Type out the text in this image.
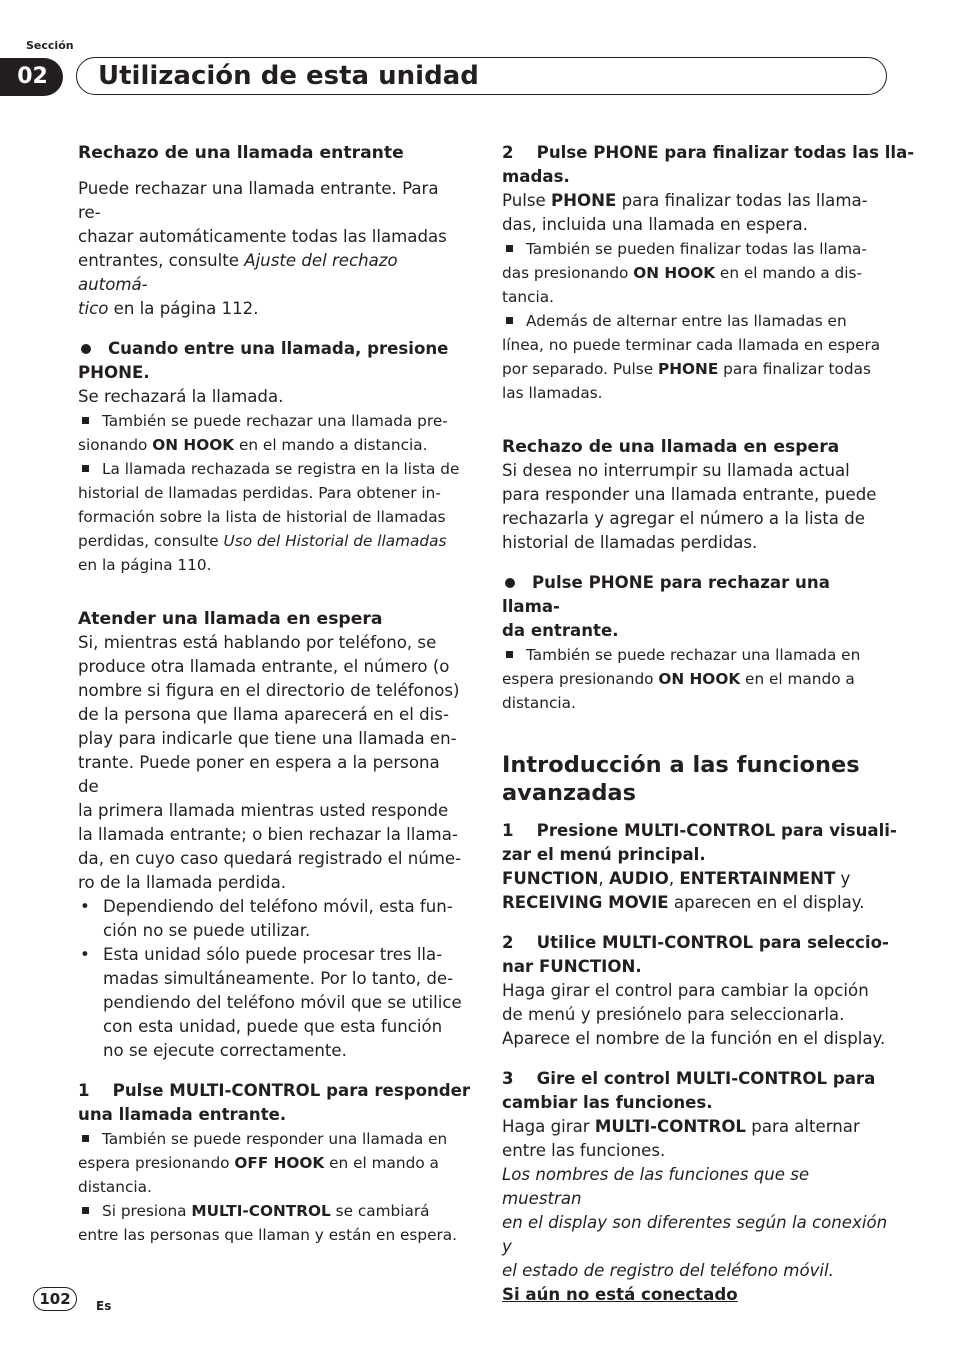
Sección
02	Utilización de esta unidad
Rechazo de una llamada entrante

Puede rechazar una llamada entrante. Para re-

chazar automáticamente todas las llamadas

entrantes, consulte Ajuste del rechazo automá-

tico en la página 112.

Cuando entre una llamada, presione

PHONE.

Se rechazará la llamada.

También se puede rechazar una llamada pre-

sionando ON HOOK en el mando a distancia.

La llamada rechazada se registra en la lista de

historial de llamadas perdidas. Para obtener in-

formación sobre la lista de historial de llamadas

perdidas, consulte Uso del Historial de llamadas

en la página 110.

Atender una llamada en espera

Si, mientras está hablando por teléfono, se

produce otra llamada entrante, el número (o

nombre si figura en el directorio de teléfonos)

de la persona que llama aparecerá en el dis-

play para indicarle que tiene una llamada en-

trante. Puede poner en espera a la persona de

la primera llamada mientras usted responde

la llamada entrante; o bien rechazar la llama-

da, en cuyo caso quedará registrado el núme-

ro de la llamada perdida.

• Dependiendo del teléfono móvil, esta fun-
ción no se puede utilizar.
• Esta unidad sólo puede procesar tres lla-
madas simultáneamente. Por lo tanto, de-
pendiendo del teléfono móvil que se utilice
con esta unidad, puede que esta función
no se ejecute correctamente.

1    Pulse MULTI-CONTROL para responder

una llamada entrante.

También se puede responder una llamada en

espera presionando OFF HOOK en el mando a

distancia.

Si presiona MULTI-CONTROL se cambiará

entre las personas que llaman y están en espera.

2    Pulse PHONE para finalizar todas las lla-

madas.

Pulse PHONE para finalizar todas las llama-

das, incluida una llamada en espera.

También se pueden finalizar todas las llama-

das presionando ON HOOK en el mando a dis-

tancia.

Además de alternar entre las llamadas en

línea, no puede terminar cada llamada en espera

por separado. Pulse PHONE para finalizar todas

las llamadas.

Rechazo de una llamada en espera

Si desea no interrumpir su llamada actual

para responder una llamada entrante, puede

rechazarla y agregar el número a la lista de

historial de llamadas perdidas.

Pulse PHONE para rechazar una llama-

da entrante.

También se puede rechazar una llamada en

espera presionando ON HOOK en el mando a

distancia.

Introducción a las funciones
avanzadas

1    Presione MULTI-CONTROL para visuali-

zar el menú principal.

FUNCTION, AUDIO, ENTERTAINMENT y

RECEIVING MOVIE aparecen en el display.

2    Utilice MULTI-CONTROL para seleccio-

nar FUNCTION.

Haga girar el control para cambiar la opción

de menú y presiónelo para seleccionarla.

Aparece el nombre de la función en el display.

3    Gire el control MULTI-CONTROL para

cambiar las funciones.

Haga girar MULTI-CONTROL para alternar

entre las funciones.

Los nombres de las funciones que se muestran

en el display son diferentes según la conexión y

el estado de registro del teléfono móvil.

Si aún no está conectado

102	Es
